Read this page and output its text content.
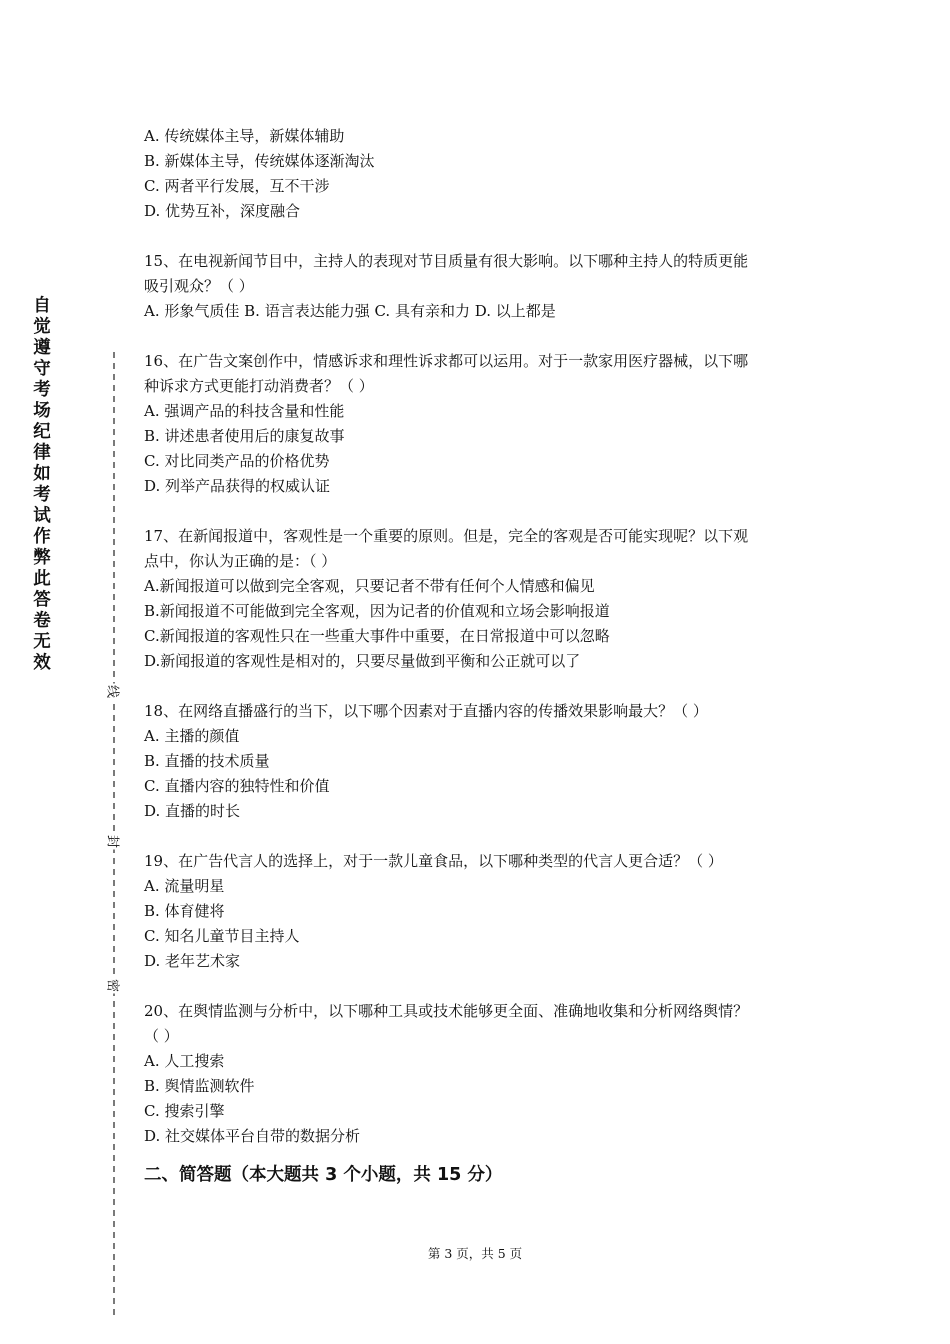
自觉遵守考场纪律如考试作弊此答卷无效
线
封
密
A. 传统媒体主导，新媒体辅助
B. 新媒体主导，传统媒体逐渐淘汰
C. 两者平行发展，互不干涉
D. 优势互补，深度融合
15、在电视新闻节目中，主持人的表现对节目质量有很大影响。以下哪种主持人的特质更能
吸引观众？（ ）
A. 形象气质佳 B. 语言表达能力强 C. 具有亲和力 D. 以上都是
16、在广告文案创作中，情感诉求和理性诉求都可以运用。对于一款家用医疗器械，以下哪
种诉求方式更能打动消费者？（ ）
A. 强调产品的科技含量和性能
B. 讲述患者使用后的康复故事
C. 对比同类产品的价格优势
D. 列举产品获得的权威认证
17、在新闻报道中，客观性是一个重要的原则。但是，完全的客观是否可能实现呢？以下观
点中，你认为正确的是：（ ）
A.新闻报道可以做到完全客观，只要记者不带有任何个人情感和偏见
B.新闻报道不可能做到完全客观，因为记者的价值观和立场会影响报道
C.新闻报道的客观性只在一些重大事件中重要，在日常报道中可以忽略
D.新闻报道的客观性是相对的，只要尽量做到平衡和公正就可以了
18、在网络直播盛行的当下，以下哪个因素对于直播内容的传播效果影响最大？（ ）
A. 主播的颜值
B. 直播的技术质量
C. 直播内容的独特性和价值
D. 直播的时长
19、在广告代言人的选择上，对于一款儿童食品，以下哪种类型的代言人更合适？（ ）
A. 流量明星
B. 体育健将
C. 知名儿童节目主持人
D. 老年艺术家
20、在舆情监测与分析中，以下哪种工具或技术能够更全面、准确地收集和分析网络舆情？
（ ）
A. 人工搜索
B. 舆情监测软件
C. 搜索引擎
D. 社交媒体平台自带的数据分析
二、简答题（本大题共 3 个小题，共 15 分）
第 3 页，共 5 页
